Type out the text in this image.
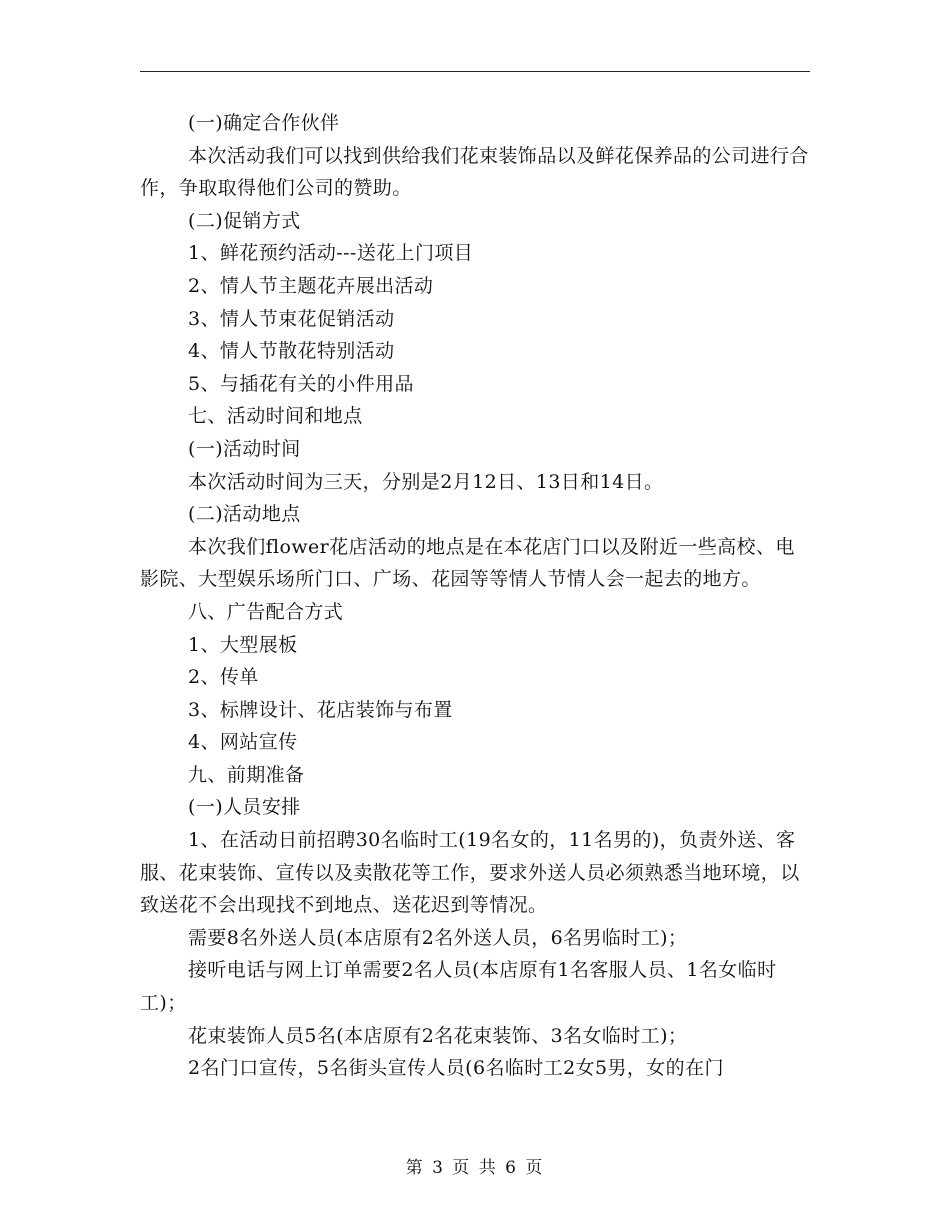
(一)确定合作伙伴

本次活动我们可以找到供给我们花束装饰品以及鲜花保养品的公司进行合作，争取取得他们公司的赞助。

(二)促销方式

1、鲜花预约活动---送花上门项目

2、情人节主题花卉展出活动

3、情人节束花促销活动

4、情人节散花特别活动

5、与插花有关的小件用品

七、活动时间和地点

(一)活动时间

本次活动时间为三天，分别是2月12日、13日和14日。

(二)活动地点

本次我们flower花店活动的地点是在本花店门口以及附近一些高校、电影院、大型娱乐场所门口、广场、花园等等情人节情人会一起去的地方。

八、广告配合方式

1、大型展板

2、传单

3、标牌设计、花店装饰与布置

4、网站宣传

九、前期准备

(一)人员安排

1、在活动日前招聘30名临时工(19名女的，11名男的)，负责外送、客服、花束装饰、宣传以及卖散花等工作，要求外送人员必须熟悉当地环境，以致送花不会出现找不到地点、送花迟到等情况。

需要8名外送人员(本店原有2名外送人员，6名男临时工)；

接听电话与网上订单需要2名人员(本店原有1名客服人员、1名女临时工)；

花束装饰人员5名(本店原有2名花束装饰、3名女临时工)；

2名门口宣传，5名街头宣传人员(6名临时工2女5男，女的在门

第 3 页 共 6 页
